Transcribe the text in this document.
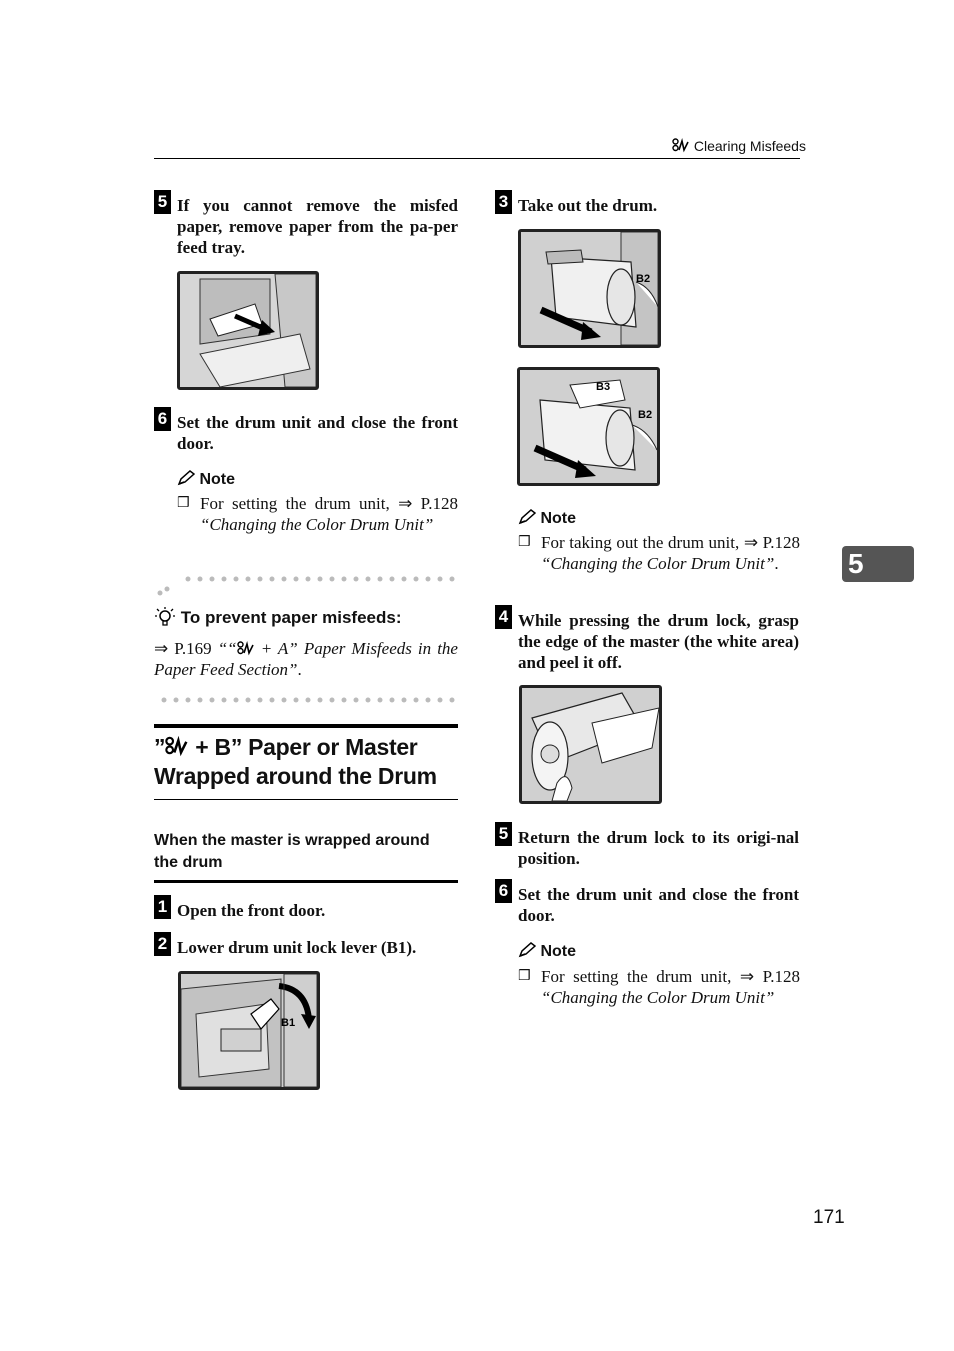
Clearing Misfeeds
5 If you cannot remove the misfed paper, remove paper from the pa-per feed tray.
6 Set the drum unit and close the front door.
Note
❒ For setting the drum unit, ⇒ P.128 “Changing the Color Drum Unit”
To prevent paper misfeeds:
⇒ P.169 ““ + A” Paper Misfeeds in the Paper Feed Section”.
” + B” Paper or Master Wrapped around the Drum
When the master is wrapped around the drum
1 Open the front door.
2 Lower drum unit lock lever (B1).
B1
3 Take out the drum.
B2
B3
B2
Note
❒ For taking out the drum unit, ⇒ P.128 “Changing the Color Drum Unit”.
4 While pressing the drum lock, grasp the edge of the master (the white area) and peel it off.
5 Return the drum lock to its origi-nal position.
6 Set the drum unit and close the front door.
Note
❒ For setting the drum unit, ⇒ P.128 “Changing the Color Drum Unit”
5
171
